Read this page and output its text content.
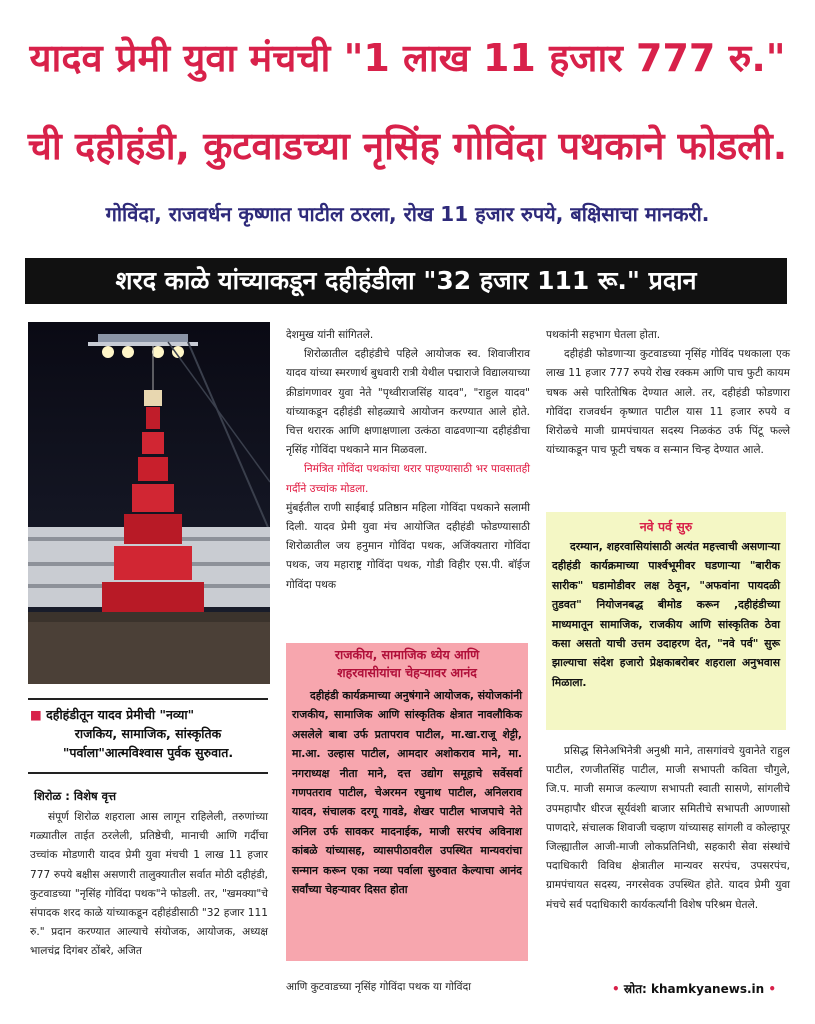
यादव प्रेमी युवा मंचची "1 लाख 11 हजार 777 रु."
ची दहीहंडी, कुटवाडच्या नृसिंह गोविंदा पथकाने फोडली.
गोविंदा, राजवर्धन कृष्णात पाटील ठरला, रोख 11 हजार रुपये, बक्षिसाचा मानकरी.
शरद काळे यांच्याकडून दहीहंडीला "32 हजार 111 रू." प्रदान
■ दहीहंडीतून यादव प्रेमीची "नव्या"
राजकिय, सामाजिक, सांस्कृतिक
"पर्वाला"आत्मविश्वास पुर्वक सुरुवात.
शिरोळ : विशेष वृत्त

संपूर्ण शिरोळ शहराला आस लागून राहिलेली, तरुणांच्या गळ्यातील ताईत ठरलेली, प्रतिष्ठेची, मानाची आणि गर्दीचा उच्चांक मोडणारी यादव प्रेमी युवा मंचची 1 लाख 11 हजार 777 रुपये बक्षीस असणारी तालुक्यातील सर्वात मोठी दहीहंडी, कुटवाडच्या "नृसिंह गोविंदा पथक"ने फोडली. तर, "खमक्या"चे संपादक शरद काळे यांच्याकडून दहीहंडीसाठी "32 हजार 111 रु." प्रदान करण्यात आल्याचे संयोजक, आयोजक, अध्यक्ष भालचंद्र दिगंबर ठोंबरे, अजित

देशमुख यांनी सांगितले.

शिरोळातील दहीहंडीचे पहिले आयोजक स्व. शिवाजीराव यादव यांच्या स्मरणार्थ बुधवारी रात्री येथील पद्माराजे विद्यालयाच्या क्रीडांगणावर युवा नेते "पृथ्वीराजसिंह यादव", "राहुल यादव" यांच्याकडून दहीहंडी सोहळ्याचे आयोजन करण्यात आले होते. चित्त थरारक आणि क्षणाक्षणाला उत्कंठा वाढवणाऱ्या दहीहंडीचा नृसिंह गोविंदा पथकाने मान मिळवला.

निमंत्रित गोविंदा पथकांचा थरार पाहण्यासाठी भर पावसातही गर्दीने उच्चांक मोडला.

मुंबईतील राणी साईबाई प्रतिष्ठान महिला गोविंदा पथकाने सलामी दिली. यादव प्रेमी युवा मंच आयोजित दहीहंडी फोडण्यासाठी शिरोळातील जय हनुमान गोविंदा पथक, अजिंक्यतारा गोविंदा पथक, जय महाराष्ट्र गोविंदा पथक, गोडी विहीर एस.पी. बॉईज गोविंदा पथक

राजकीय, सामाजिक ध्येय आणि
शहरवासीयांचा चेहऱ्यावर आनंद

दहीहंडी कार्यक्रमाच्या अनुषंगाने आयोजक, संयोजकांनी राजकीय, सामाजिक आणि सांस्कृतिक क्षेत्रात नावलौकिक असलेले बाबा उर्फ प्रतापराव पाटील, मा.खा.राजू शेट्टी, मा.आ. उल्हास पाटील, आमदार अशोकराव माने, मा. नगराध्यक्ष नीता माने, दत्त उद्योग समूहाचे सर्वेसर्वा गणपतराव पाटील, चेअरमन रघुनाथ पाटील, अनिलराव यादव, संचालक दरगू गावडे, शेखर पाटील भाजपाचे नेते अनिल उर्फ सावकर मादनाईक, माजी सरपंच अविनाश कांबळे यांच्यासह, व्यासपीठावरील उपस्थित मान्यवरांचा सन्मान करून एका नव्या पर्वाला सुरुवात केल्याचा आनंद सर्वांच्या चेहऱ्यावर दिसत होता

आणि कुटवाडच्या नृसिंह गोविंदा पथक या गोविंदा

पथकांनी सहभाग घेतला होता.

दहीहंडी फोडणाऱ्या कुटवाडच्या नृसिंह गोविंद पथकाला एक लाख 11 हजार 777 रुपये रोख रक्कम आणि पाच फुटी कायम चषक असे पारितोषिक देण्यात आले. तर, दहीहंडी फोडणारा गोविंदा राजवर्धन कृष्णात पाटील यास 11 हजार रुपये व शिरोळचे माजी ग्रामपंचायत सदस्य निळकंठ उर्फ पिंटू फल्ले यांच्याकडून पाच फूटी चषक व सन्मान चिन्ह देण्यात आले.

नवे पर्व सुरु

दरम्यान, शहरवासियांसाठी अत्यंत महत्त्वाची असणाऱ्या दहीहंडी कार्यक्रमाच्या पार्श्वभूमीवर घडणाऱ्या "बारीक सारीक" घडामोडीवर लक्ष ठेवून, "अफवांना पायदळी तुडवत" नियोजनबद्ध बीमोड करून ,दहीहंडीच्या माध्यमातून सामाजिक, राजकीय आणि सांस्कृतिक ठेवा कसा असतो याची उत्तम उदाहरण देत, "नवे पर्व" सुरू झाल्याचा संदेश हजारो प्रेक्षकाबरोबर शहराला अनुभवास मिळाला.

प्रसिद्ध सिनेअभिनेत्री अनुश्री माने, तासगांवचे युवानेते राहुल पाटील, रणजीतसिंह पाटील, माजी सभापती कविता चौगुले, जि.प. माजी समाज कल्याण सभापती स्वाती सासणे, सांगलीचे उपमहापौर धीरज सूर्यवंशी बाजार समितीचे सभापती आण्णासो पाणदारे, संचालक शिवाजी चव्हाण यांच्यासह सांगली व कोल्हापूर जिल्ह्यातील आजी-माजी लोकप्रतिनिधी, सहकारी सेवा संस्थांचे पदाधिकारी विविध क्षेत्रातील मान्यवर सरपंच, उपसरपंच, ग्रामपंचायत सदस्य, नगरसेवक उपस्थित होते. यादव प्रेमी युवा मंचचे सर्व पदाधिकारी कार्यकर्त्यांनी विशेष परिश्रम घेतले.

• स्रोत: khamkyanews.in •
